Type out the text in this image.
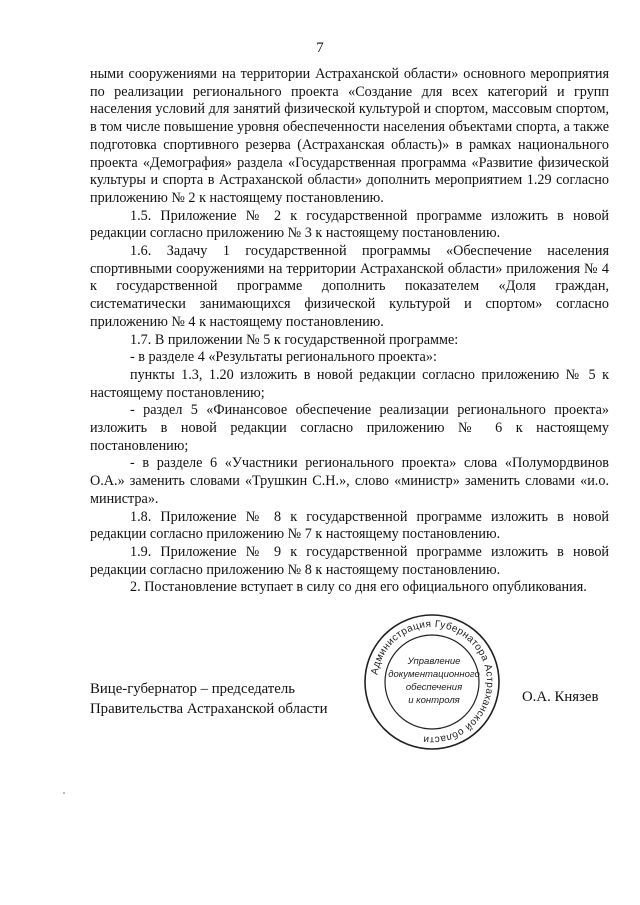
7

ными сооружениями на территории Астраханской области» основного мероприятия по реализации регионального проекта «Создание для всех категорий и групп населения условий для занятий физической культурой и спортом, массовым спортом, в том числе повышение уровня обеспеченности населения объектами спорта, а также подготовка спортивного резерва (Астраханская область)» в рамках национального проекта «Демография» раздела «Государственная программа «Развитие физической культуры и спорта в Астраханской области» дополнить мероприятием 1.29 согласно приложению № 2 к настоящему постановлению.

1.5. Приложение № 2 к государственной программе изложить в новой редакции согласно приложению № 3 к настоящему постановлению.

1.6. Задачу 1 государственной программы «Обеспечение населения спортивными сооружениями на территории Астраханской области» приложения № 4 к государственной программе дополнить показателем «Доля граждан, систематически занимающихся физической культурой и спортом» согласно приложению № 4 к настоящему постановлению.

1.7. В приложении № 5 к государственной программе:

- в разделе 4 «Результаты регионального проекта»:

пункты 1.3, 1.20 изложить в новой редакции согласно приложению № 5 к настоящему постановлению;

- раздел 5 «Финансовое обеспечение реализации регионального проекта» изложить в новой редакции согласно приложению № 6 к настоящему постановлению;

- в разделе 6 «Участники регионального проекта» слова «Полумордвинов О.А.» заменить словами «Трушкин С.Н.», слово «министр» заменить словами «и.о. министра».

1.8. Приложение № 8 к государственной программе изложить в новой редакции согласно приложению № 7 к настоящему постановлению.

1.9. Приложение № 9 к государственной программе изложить в новой редакции согласно приложению № 8 к настоящему постановлению.

2. Постановление вступает в силу со дня его официального опубликования.

Вице-губернатор – председатель
Правительства Астраханской области
О.А. Князев
Администрация Губернатора Астраханской области
Управление
документационного
обеспечения
и контроля
